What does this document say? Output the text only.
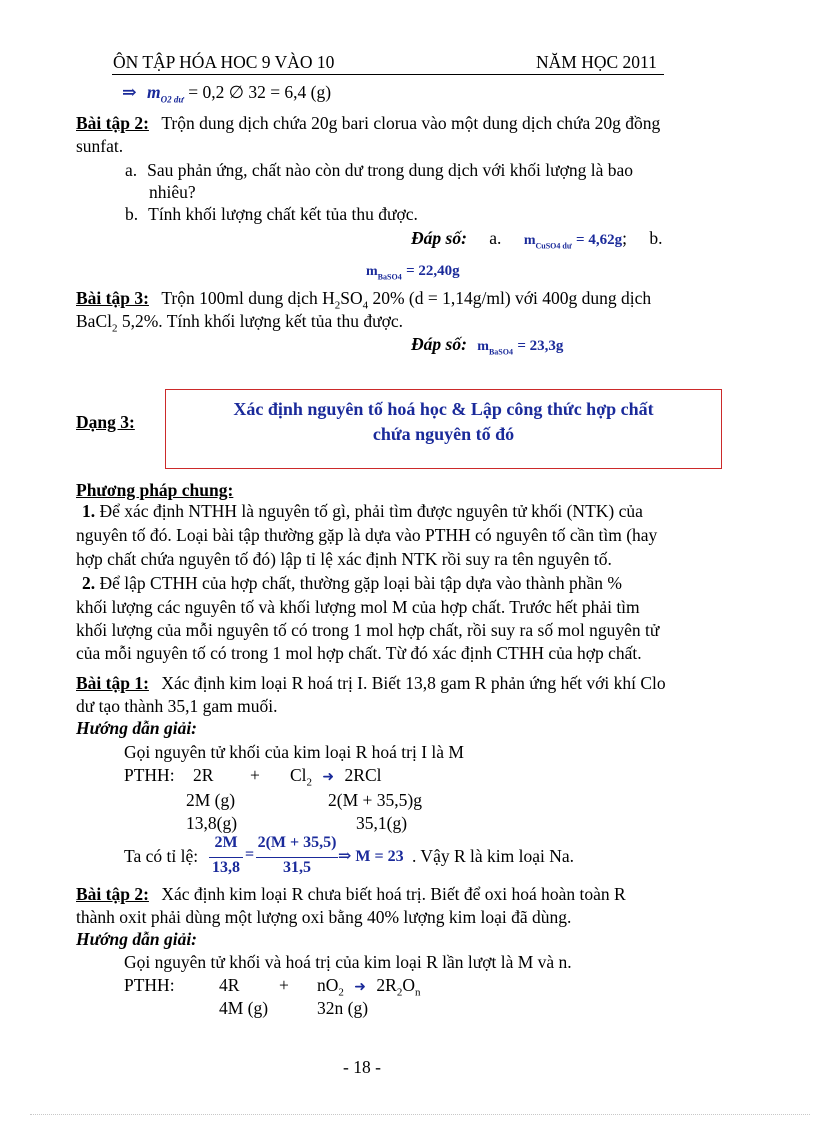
ÔN TẬP HÓA HOC 9 VÀO 10	NĂM HỌC 2011
⇒ $m_{O2 dư} = 0,2$ ∅ 32 = 6,4 (g)
Bài tập 2: Trộn dung dịch chứa 20g bari clorua vào một dung dịch chứa 20g đồng
sunfat.
a. Sau phản ứng, chất nào còn dư trong dung dịch với khối lượng là bao
nhiêu?
b. Tính khối lượng chất kết tủa thu được.
Đáp số: a. $m_{CuSO4 dư} = 4,62g$; b.
$m_{BaSO4} = 22,40g$
Bài tập 3: Trộn 100ml dung dịch $H_2SO_4$ 20% (d = 1,14g/ml) với 400g dung dịch
BaCl$_2$ 5,2%. Tính khối lượng kết tủa thu được.
Đáp số: $m_{BaSO4} = 23,3g$
Dạng 3:
Xác định nguyên tố hoá học & Lập công thức hợp chất
chứa nguyên tố đó
Phương pháp chung:
1. Để xác định NTHH là nguyên tố gì, phải tìm được nguyên tử khối (NTK) của
nguyên tố đó. Loại bài tập thường gặp là dựa vào PTHH có nguyên tố cần tìm (hay
hợp chất chứa nguyên tố đó) lập tỉ lệ xác định NTK rồi suy ra tên nguyên tố.
2. Để lập CTHH của hợp chất, thường gặp loại bài tập dựa vào thành phần %
khối lượng các nguyên tố và khối lượng mol M của hợp chất. Trước hết phải tìm
khối lượng của mỗi nguyên tố có trong 1 mol hợp chất, rồi suy ra số mol nguyên tử
của mỗi nguyên tố có trong 1 mol hợp chất. Từ đó xác định CTHH của hợp chất.
Bài tập 1: Xác định kim loại R hoá trị I. Biết 13,8 gam R phản ứng hết với khí Clo
dư tạo thành 35,1 gam muối.
Hướng dẫn giải:
Gọi nguyên tử khối của kim loại R hoá trị I là M
PTHH: $2R + Cl_2$ ➜ 2RCl
2M (g)	2(M + 35,5)g
13,8(g)	35,1(g)
Ta có tỉ lệ:
2M
13,8
=
2(M + 35,5)
31,5
⇒ M = 23 . Vậy R là kim loại Na.
Bài tập 2: Xác định kim loại R chưa biết hoá trị. Biết để oxi hoá hoàn toàn R
thành oxit phải dùng một lượng oxi bằng 40% lượng kim loại đã dùng.
Hướng dẫn giải:
Gọi nguyên tử khối và hoá trị của kim loại R lần lượt là M và n.
PTHH:	$4R + nO_2$ ➜ $2R_2O_n$
4M (g)	32n (g)
- 18 -
